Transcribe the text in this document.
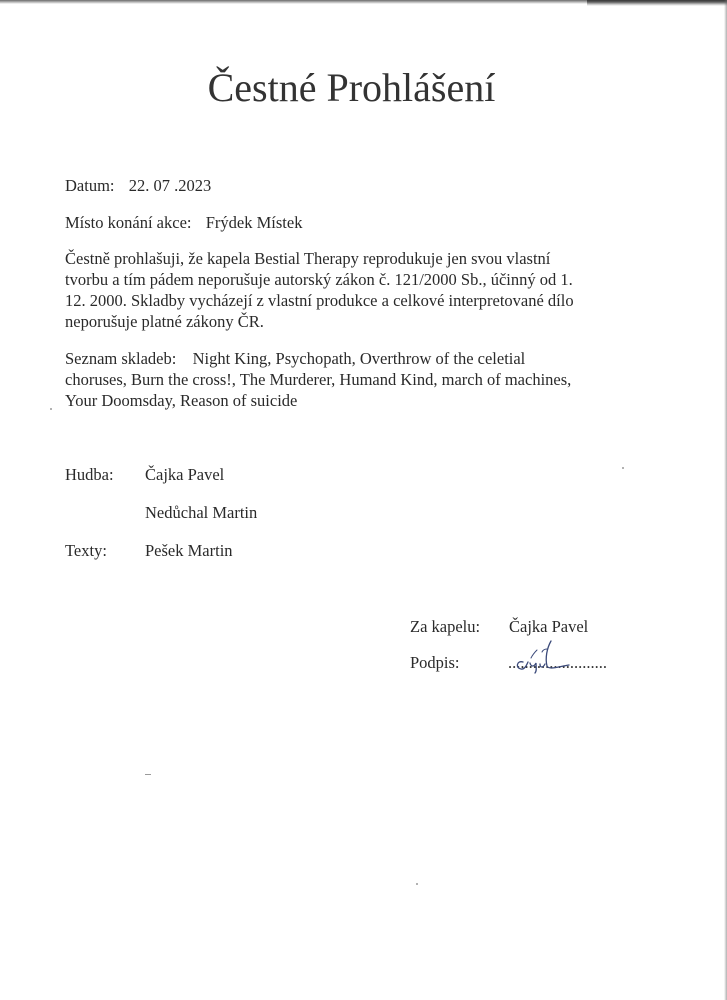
Čestné Prohlášení
Datum: 22. 07 .2023
Místo konání akce: Frýdek Místek
Čestně prohlašuji, že kapela Bestial Therapy reprodukuje jen svou vlastní
tvorbu a tím pádem neporušuje autorský zákon č. 121/2000 Sb., účinný od 1.
12. 2000. Skladby vycházejí z vlastní produkce a celkové interpretované dílo
neporušuje platné zákony ČR.
Seznam skladeb: Night King, Psychopath, Overthrow of the celetial
choruses, Burn the cross!, The Murderer, Humand Kind, march of machines,
Your Doomsday, Reason of suicide
Hudba: Čajka Pavel
Nedůchal Martin
Texty: Pešek Martin
Za kapelu: Čajka Pavel
Podpis:	........................
